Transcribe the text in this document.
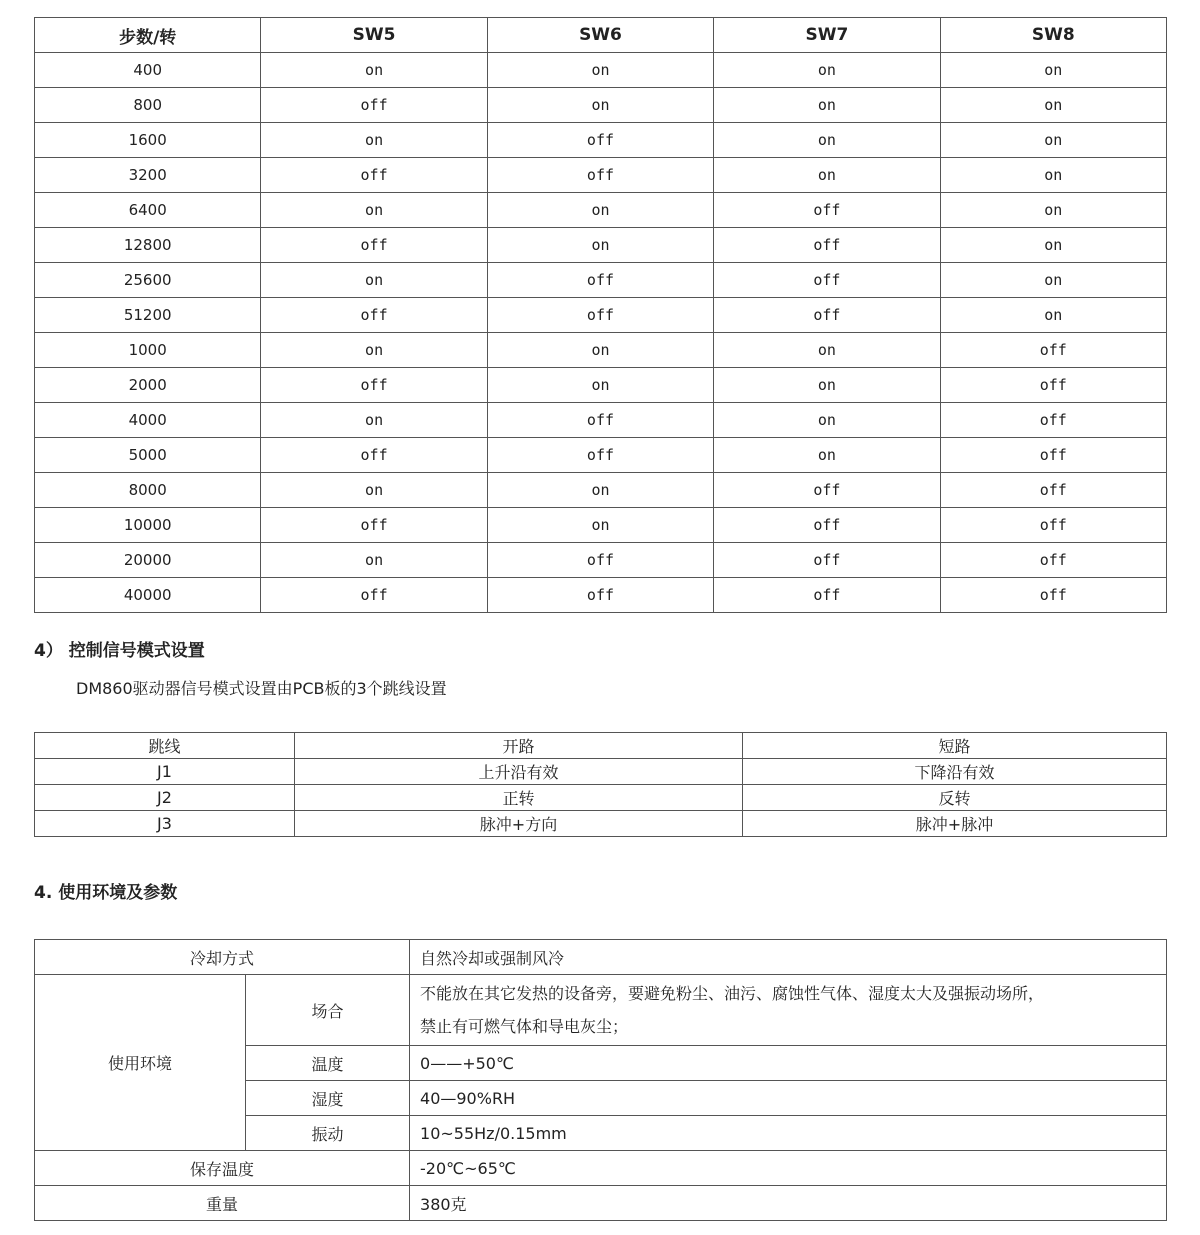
步数/转	SW5	SW6	SW7	SW8
400	on	on	on	on
800	off	on	on	on
1600	on	off	on	on
3200	off	off	on	on
6400	on	on	off	on
12800	off	on	off	on
25600	on	off	off	on
51200	off	off	off	on
1000	on	on	on	off
2000	off	on	on	off
4000	on	off	on	off
5000	off	off	on	off
8000	on	on	off	off
10000	off	on	off	off
20000	on	off	off	off
40000	off	off	off	off

4） 控制信号模式设置

DM860驱动器信号模式设置由PCB板的3个跳线设置

跳线	开路	短路
J1	上升沿有效	下降沿有效
J2	正转	反转
J3	脉冲+方向	脉冲+脉冲

4. 使用环境及参数

冷却方式		自然冷却或强制风冷
使用环境	场合	不能放在其它发热的设备旁，要避免粉尘、油污、腐蚀性气体、湿度太大及强振动场所，
禁止有可燃气体和导电灰尘；

	温度	0——+50℃
	湿度	40—90%RH
	振动	10~55Hz/0.15mm
保存温度		-20℃~65℃
重量		380克
